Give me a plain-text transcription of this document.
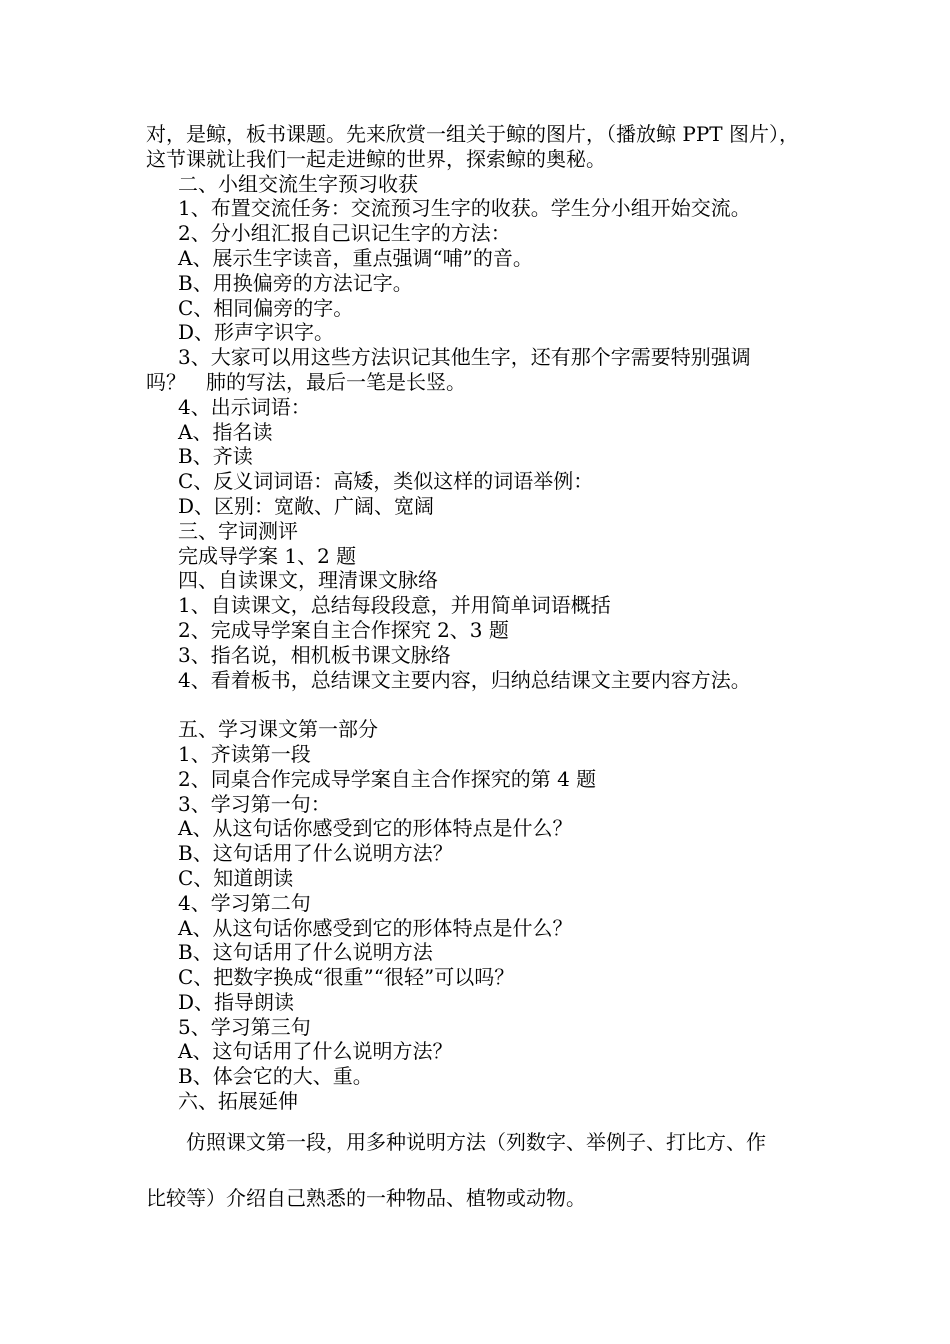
对，是鲸，板书课题。先来欣赏一组关于鲸的图片，（播放鲸 PPT 图片），
这节课就让我们一起走进鲸的世界，探索鲸的奥秘。
二、小组交流生字预习收获
1、布置交流任务：交流预习生字的收获。学生分小组开始交流。
2、分小组汇报自己识记生字的方法：
A、展示生字读音，重点强调“哺”的音。
B、用换偏旁的方法记字。
C、相同偏旁的字。
D、形声字识字。
3、大家可以用这些方法识记其他生字，还有那个字需要特别强调
吗？　肺的写法，最后一笔是长竖。
4、出示词语：
A、指名读
B、齐读
C、反义词词语：高矮，类似这样的词语举例：
D、区别：宽敞、广阔、宽阔
三、字词测评
完成导学案 1、2 题
四、自读课文，理清课文脉络
1、自读课文，总结每段段意，并用简单词语概括
2、完成导学案自主合作探究 2、3 题
3、指名说，相机板书课文脉络
4、看着板书，总结课文主要内容，归纳总结课文主要内容方法。
五、学习课文第一部分
1、齐读第一段
2、同桌合作完成导学案自主合作探究的第 4 题
3、学习第一句：
A、从这句话你感受到它的形体特点是什么？
B、这句话用了什么说明方法？
C、知道朗读
4、学习第二句
A、从这句话你感受到它的形体特点是什么？
B、这句话用了什么说明方法
C、把数字换成“很重”“很轻”可以吗？
D、指导朗读
5、学习第三句
A、这句话用了什么说明方法？
B、体会它的大、重。
六、拓展延伸

仿照课文第一段，用多种说明方法（列数字、举例子、打比方、作

比较等）介绍自己熟悉的一种物品、植物或动物。
